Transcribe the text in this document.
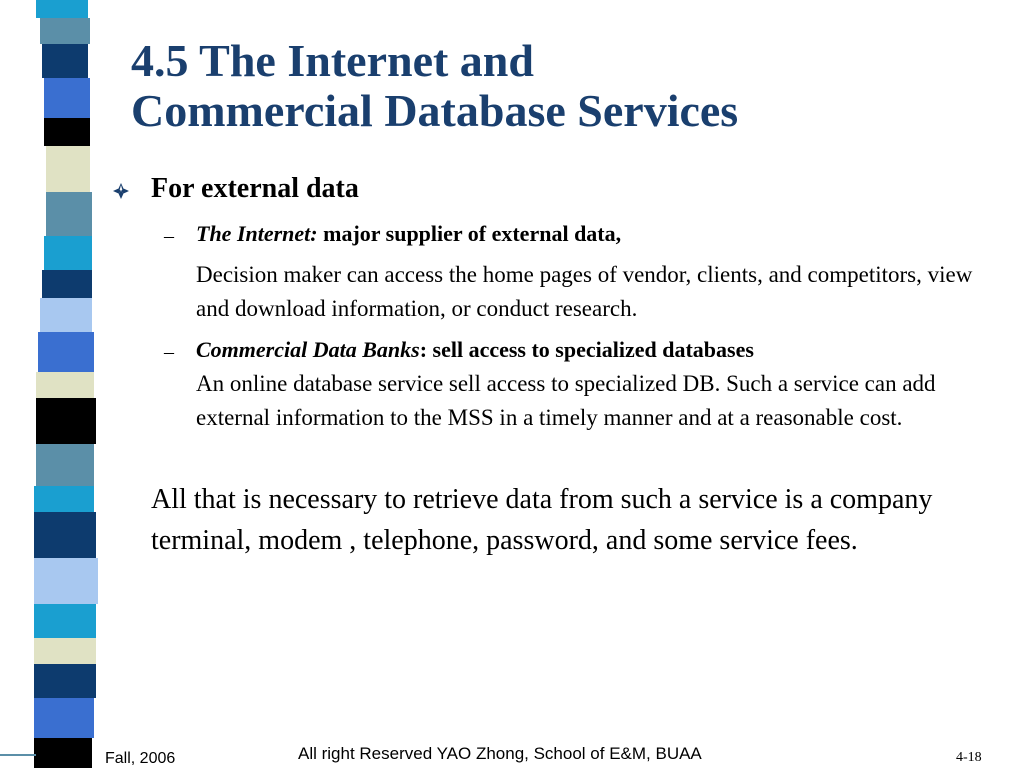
4.5 The Internet and
Commercial Database Services
For external data
– The Internet: major supplier of external data,
Decision maker can access the home pages of vendor, clients, and competitors, view and download information, or conduct research.
– Commercial Data Banks: sell access to specialized databases
An online database service sell access to specialized DB. Such a service can add external information to the MSS in a timely manner and at a reasonable cost.
All that is necessary to retrieve data from such a service is a company terminal, modem , telephone, password, and some service fees.
Fall, 2006	All right Reserved YAO Zhong, School of E&M, BUAA	4-18
